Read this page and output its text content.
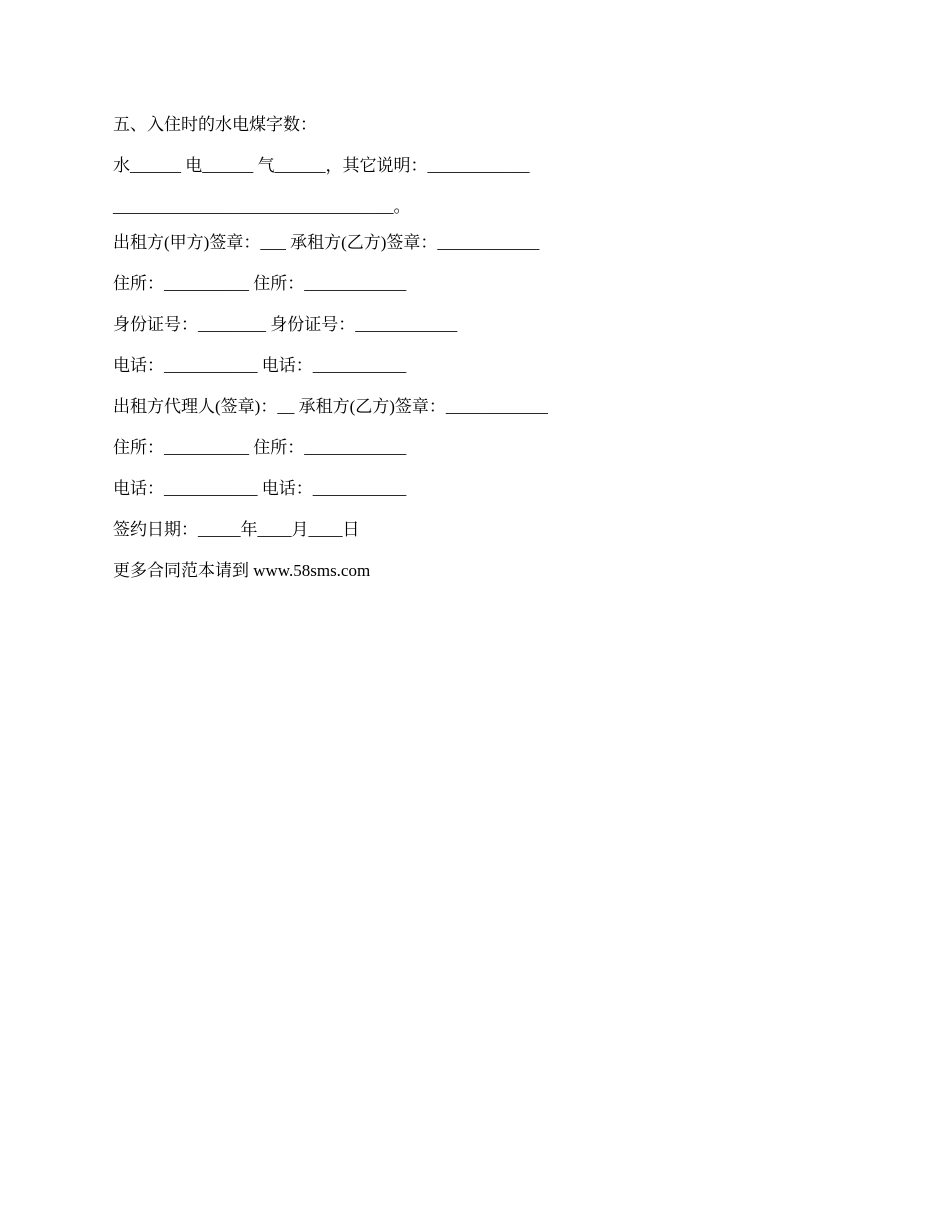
五、入住时的水电煤字数：
水______ 电______ 气______，其它说明：____________
_________________________________。
出租方(甲方)签章：___ 承租方(乙方)签章：____________
住所：__________ 住所：____________
身份证号：________ 身份证号：____________
电话：___________ 电话：___________
出租方代理人(签章)：__ 承租方(乙方)签章：____________
住所：__________ 住所：____________
电话：___________ 电话：___________
签约日期：_____年____月____日
更多合同范本请到 www.58sms.com
